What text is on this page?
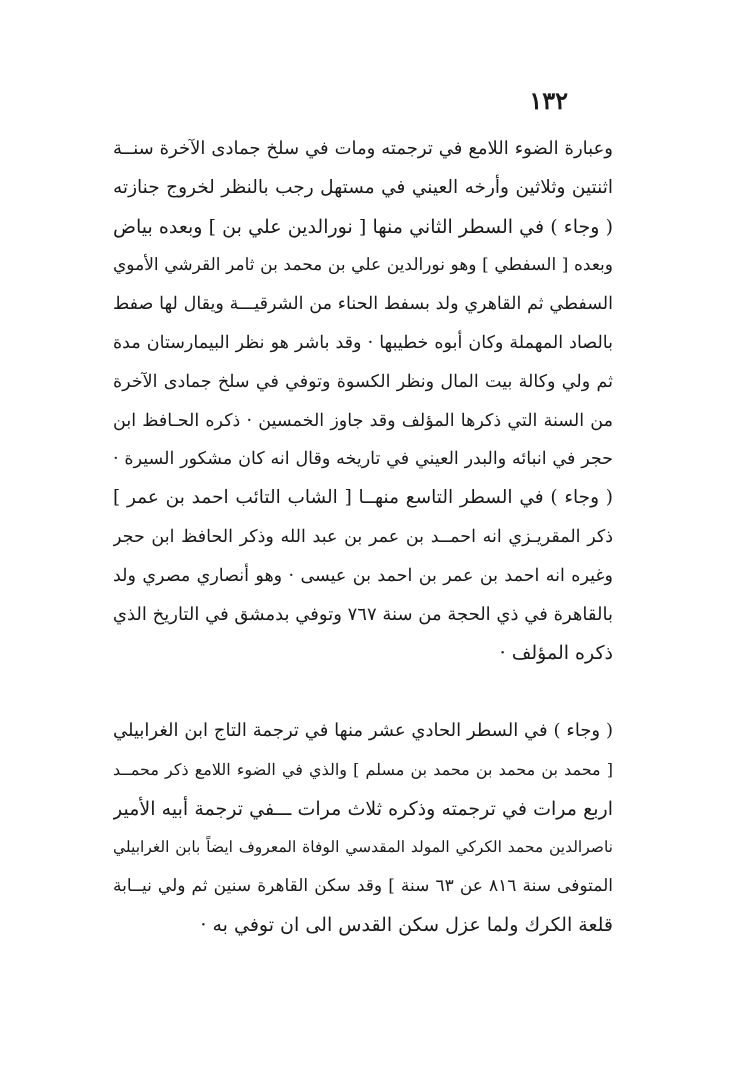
١٣٢
وعبارة الضوء اللامع في ترجمته ومات في سلخ جمادى الآخرة سنــة
اثنتين وثلاثين وأرخه العيني في مستهل رجب بالنظر لخروج جنازته
( وجاء ) في السطر الثاني منها [ نورالدين علي بن ] وبعده بياض
وبعده [ السفطي ] وهو نورالدين علي بن محمد بن ثامر القرشي الأموي
السفطي ثم القاهري ولد بسفط الحناء من الشرقيـــة ويقال لها صفط
بالصاد المهملة وكان أبوه خطيبها · وقد باشر هو نظر البيمارستان مدة
ثم ولي وكالة بيت المال ونظر الكسوة وتوفي في سلخ جمادى الآخرة
من السنة التي ذكرها المؤلف وقد جاوز الخمسين · ذكره الحـافظ ابن
حجر في انبائه والبدر العيني في تاريخه وقال انه كان مشكور السيرة ·
( وجاء ) في السطر التاسع منهــا [ الشاب التائب احمد بن عمر ]
ذكر المقريـزي انه احمــد بن عمر بن عبد الله وذكر الحافظ ابن حجر
وغيره انه احمد بن عمر بن احمد بن عيسى · وهو أنصاري مصري ولد
بالقاهرة في ذي الحجة من سنة ٧٦٧ وتوفي بدمشق في التاريخ الذي
ذكره المؤلف ·
( وجاء ) في السطر الحادي عشر منها في ترجمة التاج ابن الغرابيلي
[ محمد بن محمد بن محمد بن مسلم ] والذي في الضوء اللامع ذكر محمــد
اربع مرات في ترجمته وذكره ثلاث مرات ـــفي ترجمة أبيه الأمير
ناصرالدين محمد الكركي المولد المقدسي الوفاة المعروف ايضاً بابن الغرابيلي
المتوفى سنة ٨١٦ عن ٦٣ سنة ] وقد سكن القاهرة سنين ثم ولي نيــابة
قلعة الكرك ولما عزل سكن القدس الى ان توفي به ·
